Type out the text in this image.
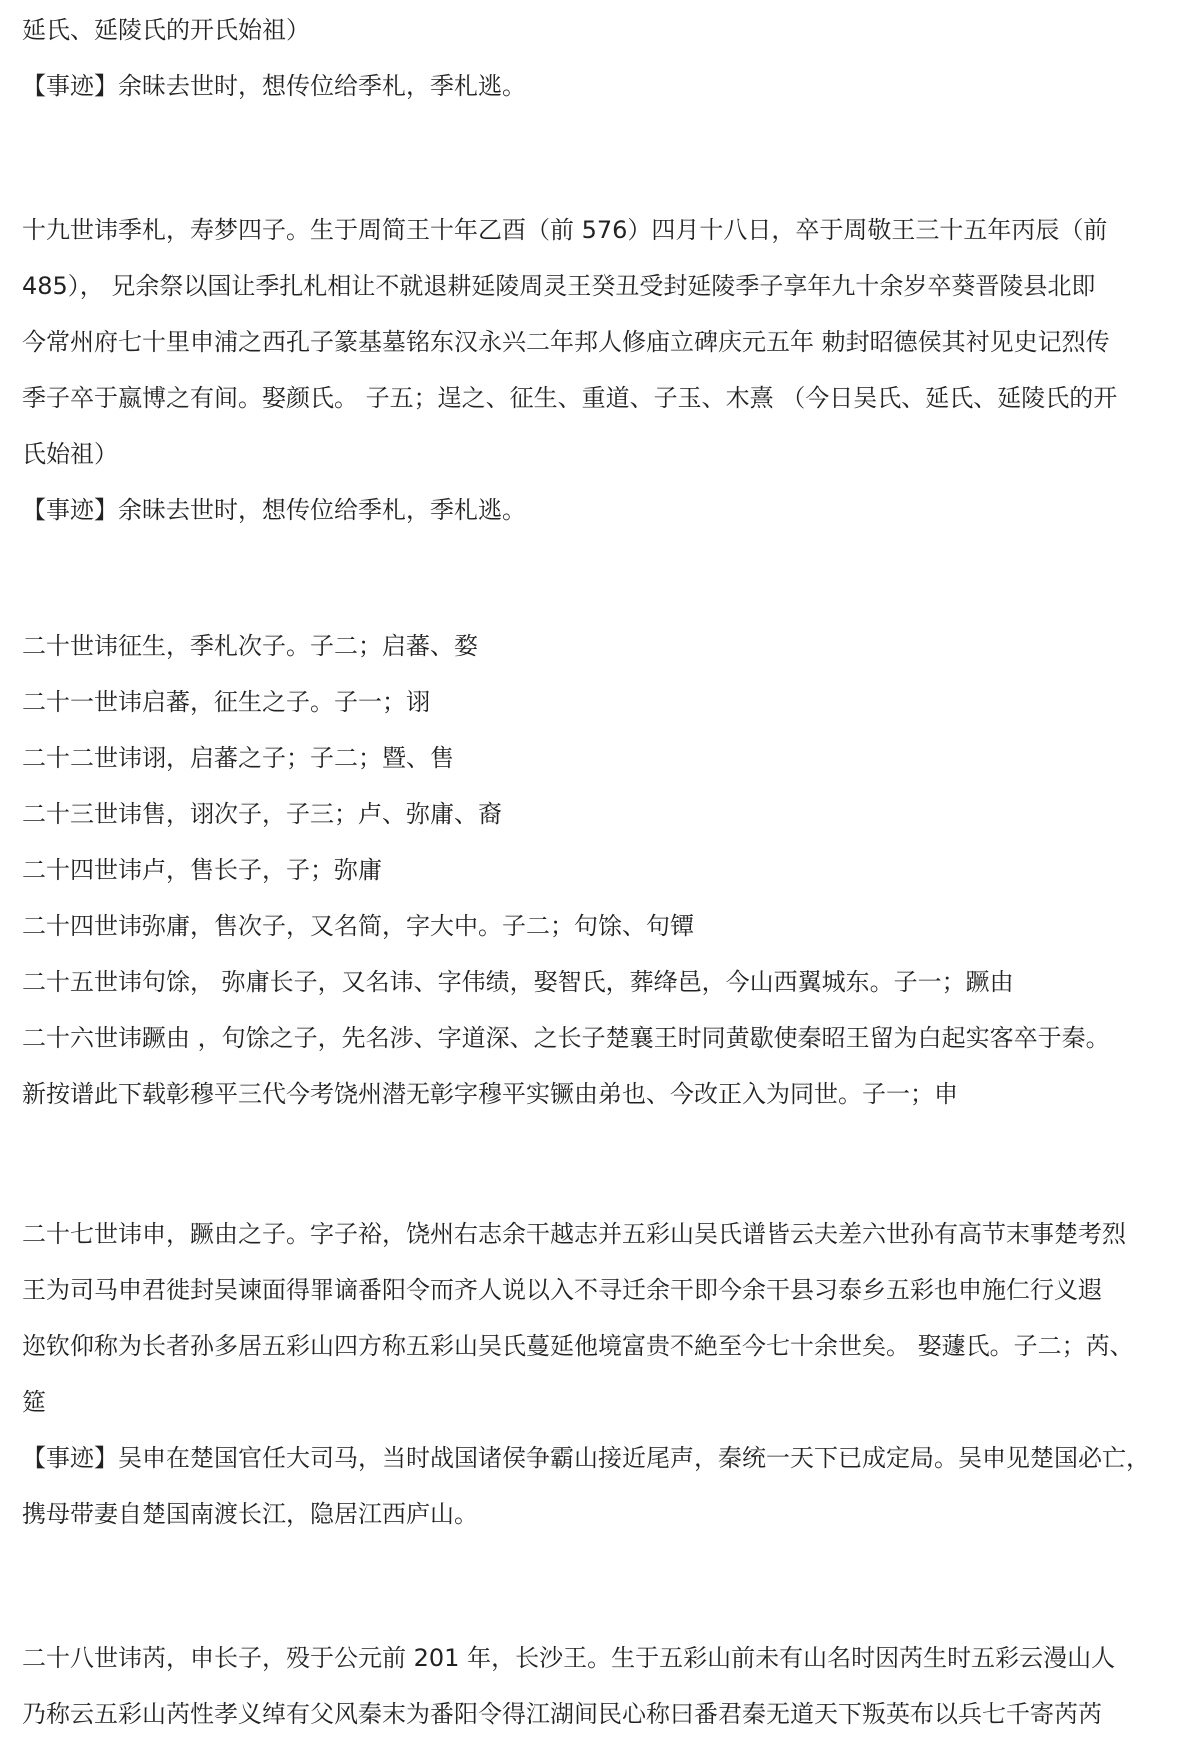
延氏、延陵氏的开氏始祖）
【事迹】余昧去世时，想传位给季札，季札逃。
十九世讳季札，寿梦四子。生于周简王十年乙酉（前 576）四月十八日，卒于周敬王三十五年丙辰（前
485）， 兄余祭以国让季扎札相让不就退耕延陵周灵王癸丑受封延陵季子享年九十余岁卒葵晋陵县北即
今常州府七十里申浦之西孔子篆基墓铭东汉永兴二年邦人修庙立碑庆元五年 勅封昭德侯其衬见史记烈传
季子卒于嬴博之有间。娶颜氏。 子五；逞之、征生、重道、子玉、木熹 （今日吴氏、延氏、延陵氏的开
氏始祖）
【事迹】余昧去世时，想传位给季札，季札逃。
二十世讳征生，季札次子。子二；启蕃、婺
二十一世讳启蕃，征生之子。子一；诩
二十二世讳诩，启蕃之子；子二；暨、售
二十三世讳售，诩次子，子三；卢、弥庸、裔
二十四世讳卢，售长子，子；弥庸
二十四世讳弥庸，售次子，又名简，字大中。子二；句馀、句镡
二十五世讳句馀， 弥庸长子，又名讳、字伟绩，娶智氏，葬绛邑，今山西翼城东。子一；蹶由
二十六世讳蹶由 ，句馀之子，先名涉、字道深、之长子楚襄王时同黄歇使秦昭王留为白起实客卒于秦。
新按谱此下载彰穆平三代今考饶州潜无彰字穆平实镢由弟也、今改正入为同世。子一；申
二十七世讳申，蹶由之子。字子裕，饶州右志余干越志并五彩山吴氏谱皆云夫差六世孙有高节末事楚考烈
王为司马申君徙封吴谏面得罪谪番阳令而齐人说以入不寻迁余干即今余干县习泰乡五彩也申施仁行义遐
迩钦仰称为长者孙多居五彩山四方称五彩山吴氏蔓延他境富贵不絶至今七十余世矣。 娶蘧氏。子二；芮、
筵
【事迹】吴申在楚国官任大司马，当时战国诸侯争霸山接近尾声，秦统一天下已成定局。吴申见楚国必亡，
携母带妻自楚国南渡长江，隐居江西庐山。
二十八世讳芮，申长子，殁于公元前 201 年，长沙王。生于五彩山前未有山名时因芮生时五彩云漫山人
乃称云五彩山芮性孝义绰有父风秦末为番阳令得江湖间民心称曰番君秦无道天下叛英布以兵七千寄芮芮
